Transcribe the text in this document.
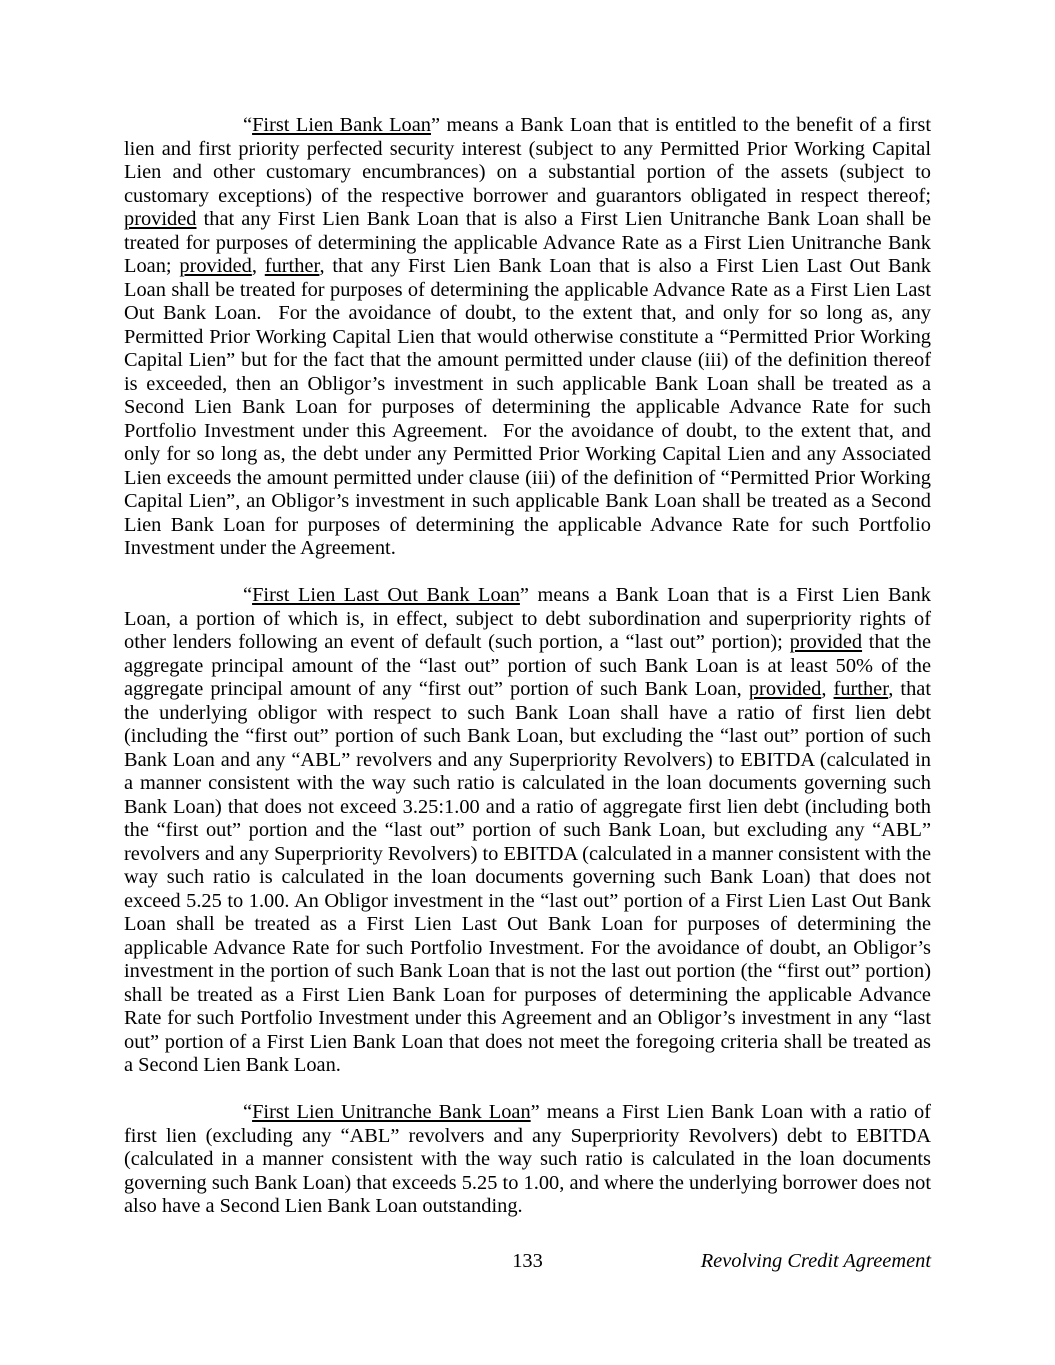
“First Lien Bank Loan” means a Bank Loan that is entitled to the benefit of a first lien and first priority perfected security interest (subject to any Permitted Prior Working Capital Lien and other customary encumbrances) on a substantial portion of the assets (subject to customary exceptions) of the respective borrower and guarantors obligated in respect thereof; provided that any First Lien Bank Loan that is also a First Lien Unitranche Bank Loan shall be treated for purposes of determining the applicable Advance Rate as a First Lien Unitranche Bank Loan; provided, further, that any First Lien Bank Loan that is also a First Lien Last Out Bank Loan shall be treated for purposes of determining the applicable Advance Rate as a First Lien Last Out Bank Loan.  For the avoidance of doubt, to the extent that, and only for so long as, any Permitted Prior Working Capital Lien that would otherwise constitute a “Permitted Prior Working Capital Lien” but for the fact that the amount permitted under clause (iii) of the definition thereof is exceeded, then an Obligor’s investment in such applicable Bank Loan shall be treated as a Second Lien Bank Loan for purposes of determining the applicable Advance Rate for such Portfolio Investment under this Agreement.  For the avoidance of doubt, to the extent that, and only for so long as, the debt under any Permitted Prior Working Capital Lien and any Associated Lien exceeds the amount permitted under clause (iii) of the definition of “Permitted Prior Working Capital Lien”, an Obligor’s investment in such applicable Bank Loan shall be treated as a Second Lien Bank Loan for purposes of determining the applicable Advance Rate for such Portfolio Investment under the Agreement.

“First Lien Last Out Bank Loan” means a Bank Loan that is a First Lien Bank Loan, a portion of which is, in effect, subject to debt subordination and superpriority rights of other lenders following an event of default (such portion, a “last out” portion); provided that the aggregate principal amount of the “last out” portion of such Bank Loan is at least 50% of the aggregate principal amount of any “first out” portion of such Bank Loan, provided, further, that the underlying obligor with respect to such Bank Loan shall have a ratio of first lien debt (including the “first out” portion of such Bank Loan, but excluding the “last out” portion of such Bank Loan and any “ABL” revolvers and any Superpriority Revolvers) to EBITDA (calculated in a manner consistent with the way such ratio is calculated in the loan documents governing such Bank Loan) that does not exceed 3.25:1.00 and a ratio of aggregate first lien debt (including both the “first out” portion and the “last out” portion of such Bank Loan, but excluding any “ABL” revolvers and any Superpriority Revolvers) to EBITDA (calculated in a manner consistent with the way such ratio is calculated in the loan documents governing such Bank Loan) that does not exceed 5.25 to 1.00. An Obligor investment in the “last out” portion of a First Lien Last Out Bank Loan shall be treated as a First Lien Last Out Bank Loan for purposes of determining the applicable Advance Rate for such Portfolio Investment. For the avoidance of doubt, an Obligor’s investment in the portion of such Bank Loan that is not the last out portion (the “first out” portion) shall be treated as a First Lien Bank Loan for purposes of determining the applicable Advance Rate for such Portfolio Investment under this Agreement and an Obligor’s investment in any “last out” portion of a First Lien Bank Loan that does not meet the foregoing criteria shall be treated as a Second Lien Bank Loan.

“First Lien Unitranche Bank Loan” means a First Lien Bank Loan with a ratio of first lien (excluding any “ABL” revolvers and any Superpriority Revolvers) debt to EBITDA (calculated in a manner consistent with the way such ratio is calculated in the loan documents governing such Bank Loan) that exceeds 5.25 to 1.00, and where the underlying borrower does not also have a Second Lien Bank Loan outstanding.

133	Revolving Credit Agreement
